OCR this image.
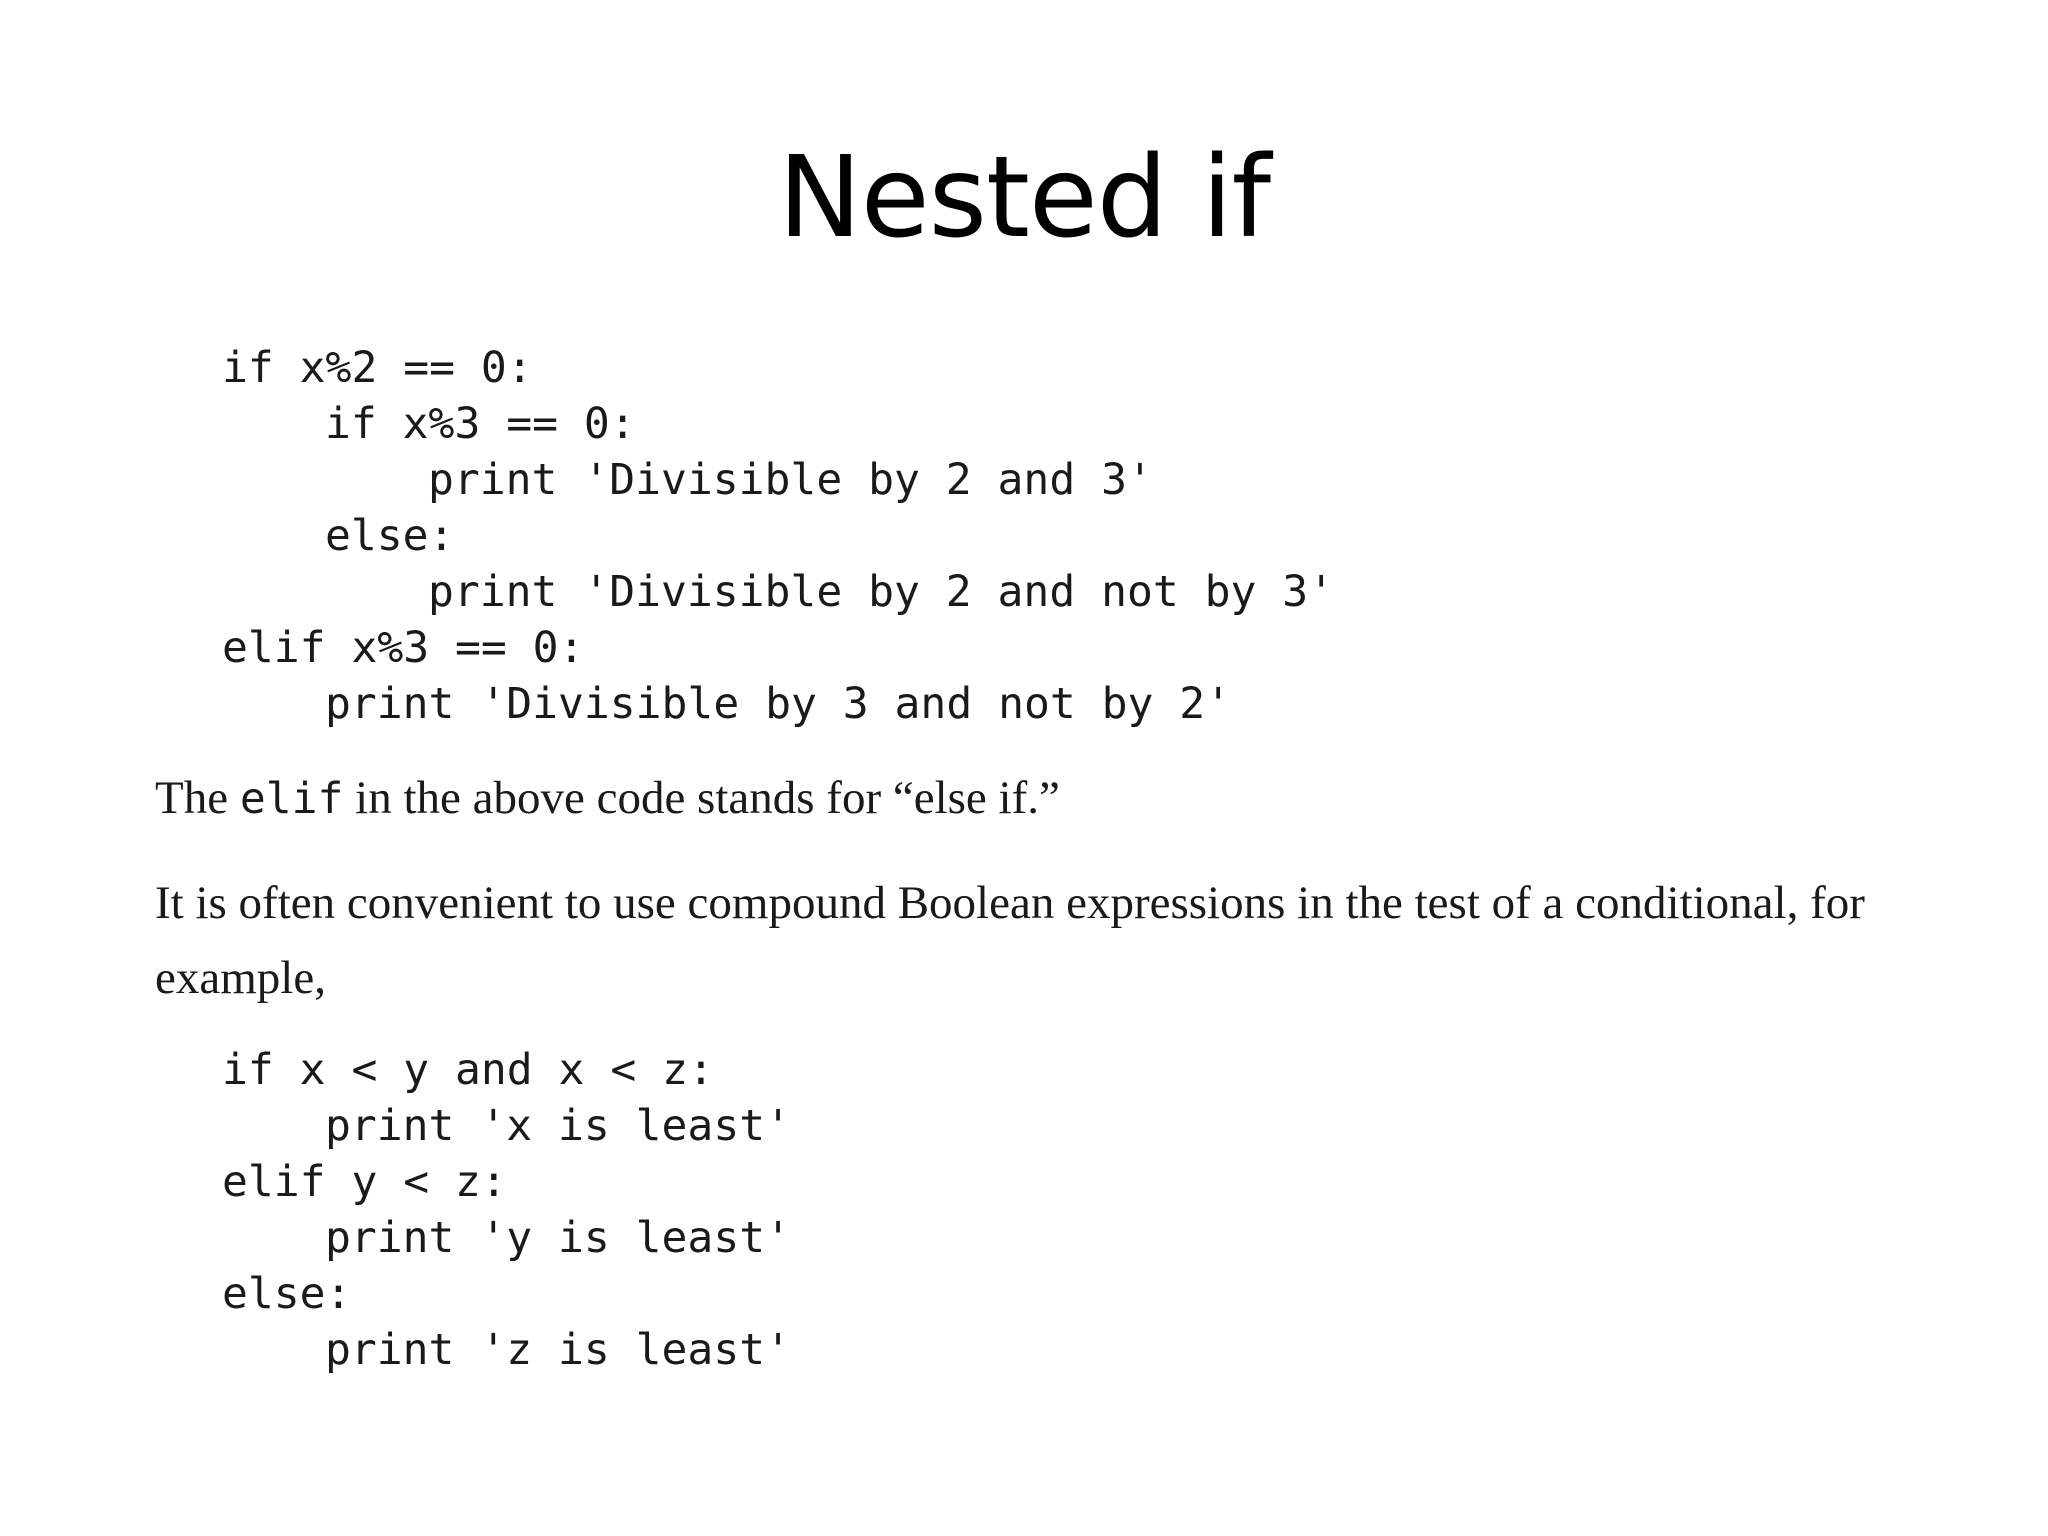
Nested if
if x%2 == 0:
if x%3 == 0:
print 'Divisible by 2 and 3'
else:
print 'Divisible by 2 and not by 3'
elif x%3 == 0:
print 'Divisible by 3 and not by 2'

The elif in the above code stands for “else if.”

It is often convenient to use compound Boolean expressions in the test of a conditional, for example,

if x < y and x < z:
print 'x is least'
elif y < z:
print 'y is least'
else:
print 'z is least'
